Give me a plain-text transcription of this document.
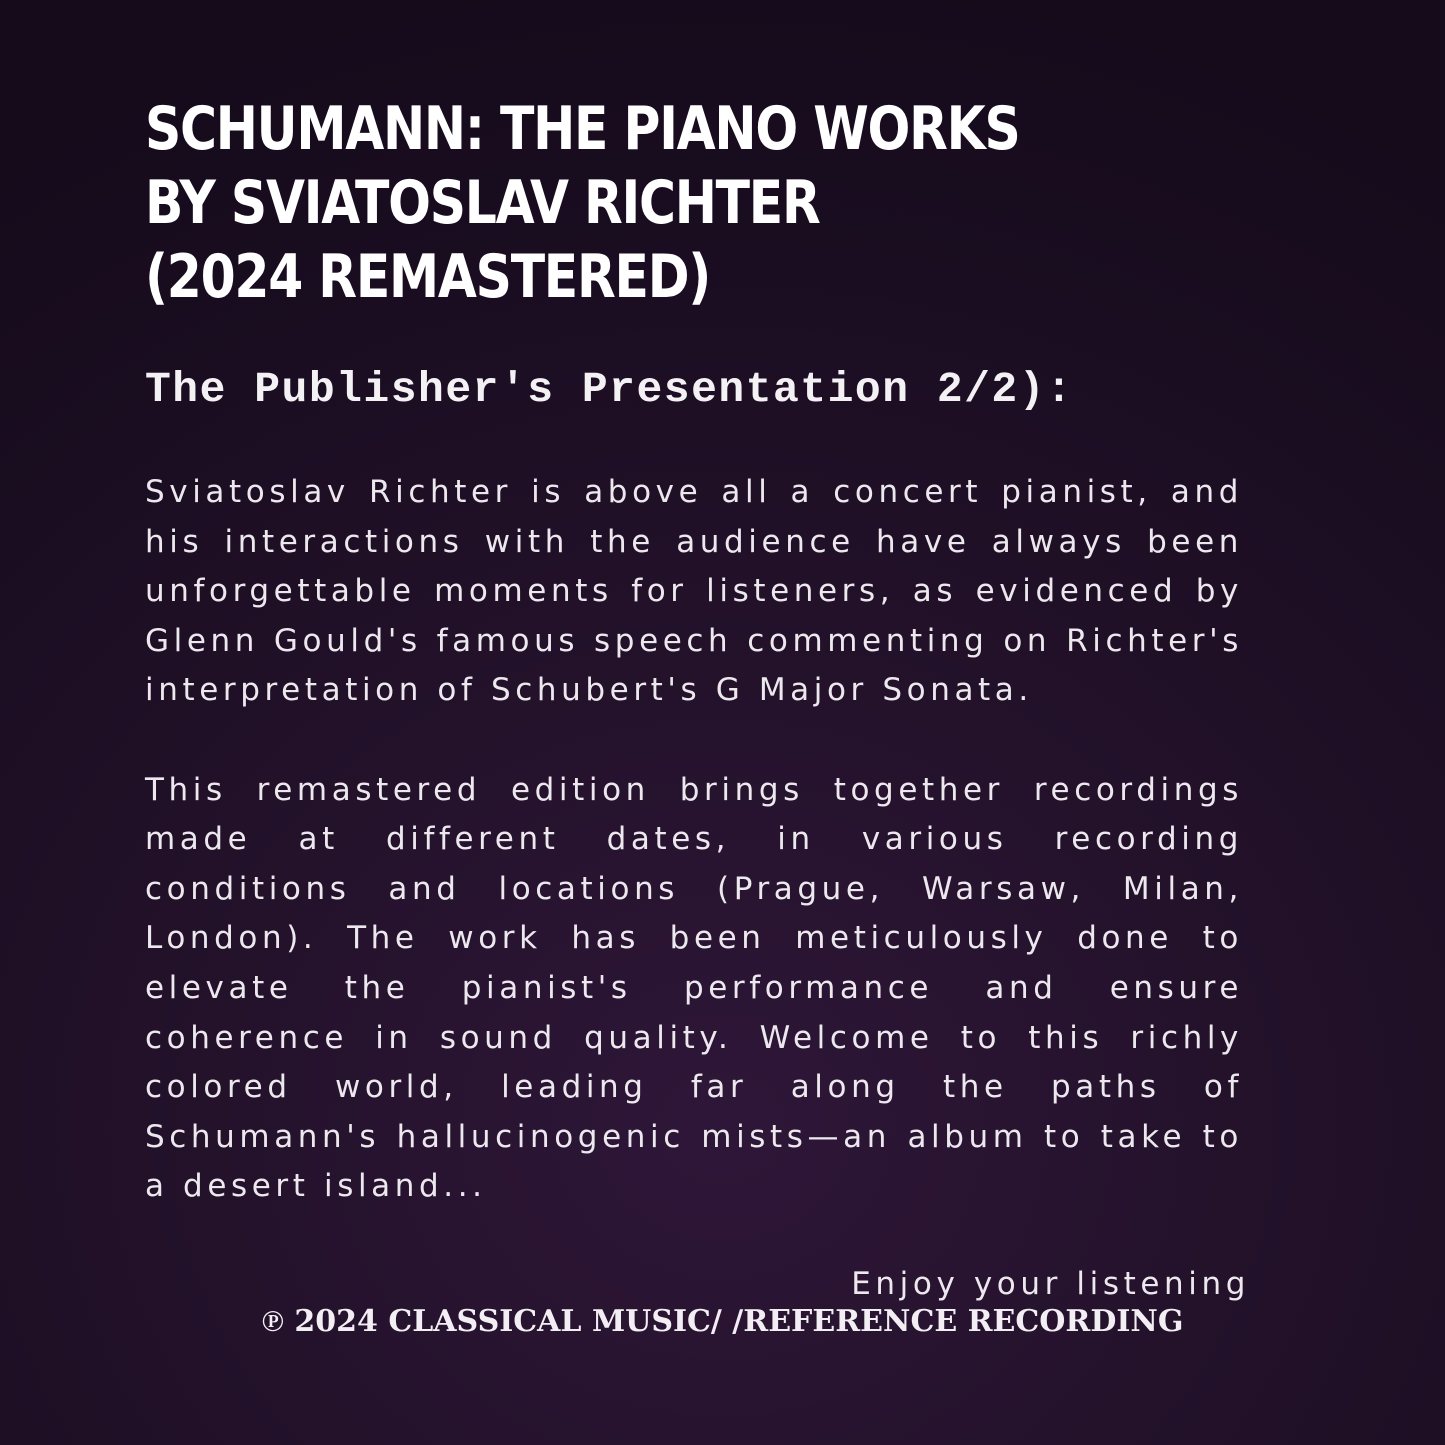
SCHUMANN: THE PIANO WORKS
BY SVIATOSLAV RICHTER
(2024 REMASTERED)
The Publisher's Presentation 2/2):

Sviatoslav Richter is above all a concert pianist, and his interactions with the audience have always been unforgettable moments for listeners, as evidenced by Glenn Gould's famous speech commenting on Richter's interpretation of Schubert's G Major Sonata.

This remastered edition brings together recordings made at different dates, in various recording conditions and locations (Prague, Warsaw, Milan, London). The work has been meticulously done to elevate the pianist's performance and ensure coherence in sound quality. Welcome to this richly colored world, leading far along the paths of Schumann's hallucinogenic mists—an album to take to a desert island...

Enjoy your listening
℗ 2024 CLASSICAL MUSIC/ /REFERENCE RECORDING
